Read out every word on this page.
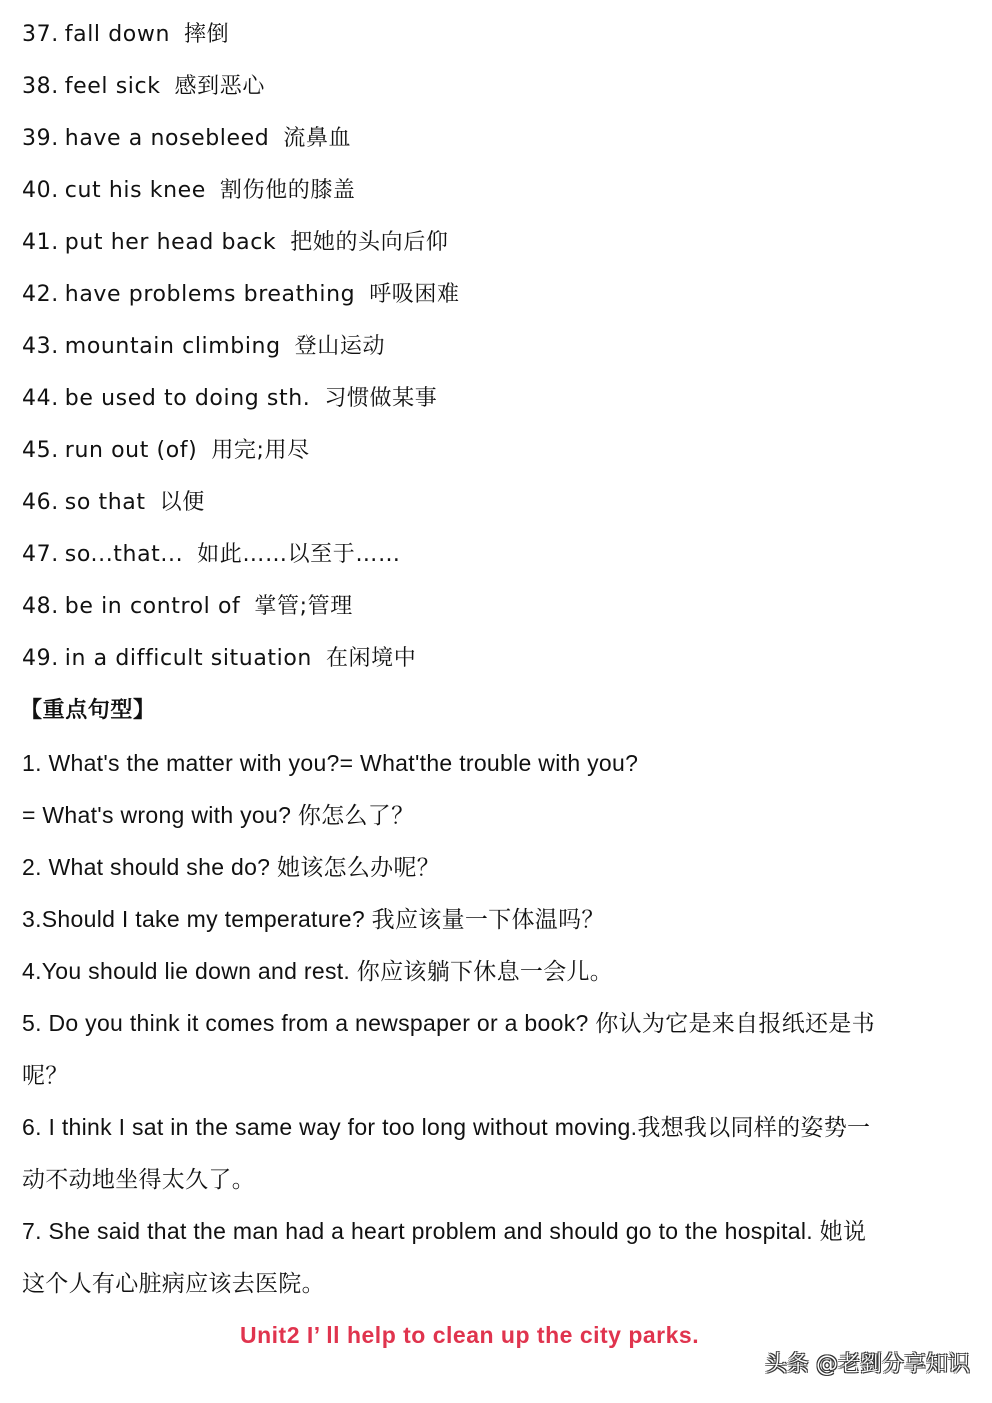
37. fall down 摔倒
38. feel sick 感到恶心
39. have a nosebleed 流鼻血
40. cut his knee 割伤他的膝盖
41. put her head back 把她的头向后仰
42. have problems breathing 呼吸困难
43. mountain climbing 登山运动
44. be used to doing sth. 习惯做某事
45. run out (of) 用完;用尽
46. so that 以便
47. so...that... 如此……以至于……
48. be in control of 掌管;管理
49. in a difficult situation 在闲境中
【重点句型】
1. What's the matter with you?= What'the trouble with you?
= What's wrong with you? 你怎么了？
2. What should she do? 她该怎么办呢？
3.Should I take my temperature? 我应该量一下体温吗？
4.You should lie down and rest. 你应该躺下休息一会儿。
5. Do you think it comes from a newspaper or a book? 你认为它是来自报纸还是书
呢？
6. I think I sat in the same way for too long without moving.我想我以同样的姿势一
动不动地坐得太久了。
7. She said that the man had a heart problem and should go to the hospital. 她说
这个人有心脏病应该去医院。
Unit2 I’ ll help to clean up the city parks.
头条 @老劉分享知识
